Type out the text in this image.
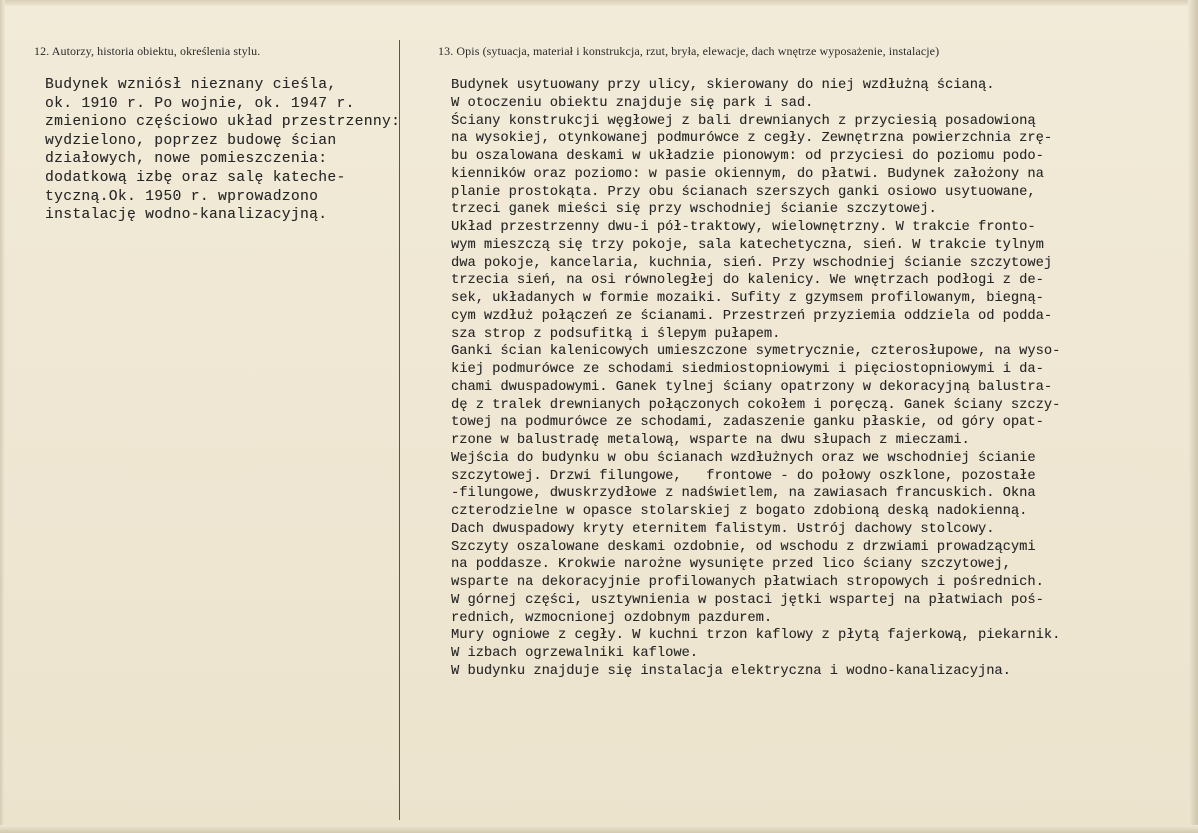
12. Autorzy, historia obiektu, określenia stylu.	13. Opis (sytuacja, materiał i konstrukcja, rzut, bryła, elewacje, dach wnętrze wyposażenie, instalacje)
Budynek wzniósł nieznany cieśla,
ok. 1910 r. Po wojnie, ok. 1947 r.
zmieniono częściowo układ przestrzenny:
wydzielono, poprzez budowę ścian
działowych, nowe pomieszczenia:
dodatkową izbę oraz salę kateche-
tyczną.Ok. 1950 r. wprowadzono
instalację wodno-kanalizacyjną.
Budynek usytuowany przy ulicy, skierowany do niej wzdłużną ścianą.
W otoczeniu obiektu znajduje się park i sad.
Ściany konstrukcji węgłowej z bali drewnianych z przyciesią posadowioną
na wysokiej, otynkowanej podmurówce z cegły. Zewnętrzna powierzchnia zrę-
bu oszalowana deskami w układzie pionowym: od przyciesi do poziomu podo-
kienników oraz poziomo: w pasie okiennym, do płatwi. Budynek założony na
planie prostokąta. Przy obu ścianach szerszych ganki osiowo usytuowane,
trzeci ganek mieści się przy wschodniej ścianie szczytowej.
Układ przestrzenny dwu-i pół-traktowy, wielownętrzny. W trakcie fronto-
wym mieszczą się trzy pokoje, sala katechetyczna, sień. W trakcie tylnym
dwa pokoje, kancelaria, kuchnia, sień. Przy wschodniej ścianie szczytowej
trzecia sień, na osi równoległej do kalenicy. We wnętrzach podłogi z de-
sek, układanych w formie mozaiki. Sufity z gzymsem profilowanym, biegną-
cym wzdłuż połączeń ze ścianami. Przestrzeń przyziemia oddziela od podda-
sza strop z podsufitką i ślepym pułapem.
Ganki ścian kalenicowych umieszczone symetrycznie, czterosłupowe, na wyso-
kiej podmurówce ze schodami siedmiostopniowymi i pięciostopniowymi i da-
chami dwuspadowymi. Ganek tylnej ściany opatrzony w dekoracyjną balustra-
dę z tralek drewnianych połączonych cokołem i poręczą. Ganek ściany szczy-
towej na podmurówce ze schodami, zadaszenie ganku płaskie, od góry opat-
rzone w balustradę metalową, wsparte na dwu słupach z mieczami.
Wejścia do budynku w obu ścianach wzdłużnych oraz we wschodniej ścianie
szczytowej. Drzwi filungowe,   frontowe - do połowy oszklone, pozostałe
-filungowe, dwuskrzydłowe z nadświetlem, na zawiasach francuskich. Okna
czterodzielne w opasce stolarskiej z bogato zdobioną deską nadokienną.
Dach dwuspadowy kryty eternitem falistym. Ustrój dachowy stolcowy.
Szczyty oszalowane deskami ozdobnie, od wschodu z drzwiami prowadzącymi
na poddasze. Krokwie narożne wysunięte przed lico ściany szczytowej,
wsparte na dekoracyjnie profilowanych płatwiach stropowych i pośrednich.
W górnej części, usztywnienia w postaci jętki wspartej na płatwiach poś-
rednich, wzmocnionej ozdobnym pazdurem.
Mury ogniowe z cegły. W kuchni trzon kaflowy z płytą fajerkową, piekarnik.
W izbach ogrzewalniki kaflowe.
W budynku znajduje się instalacja elektryczna i wodno-kanalizacyjna.
